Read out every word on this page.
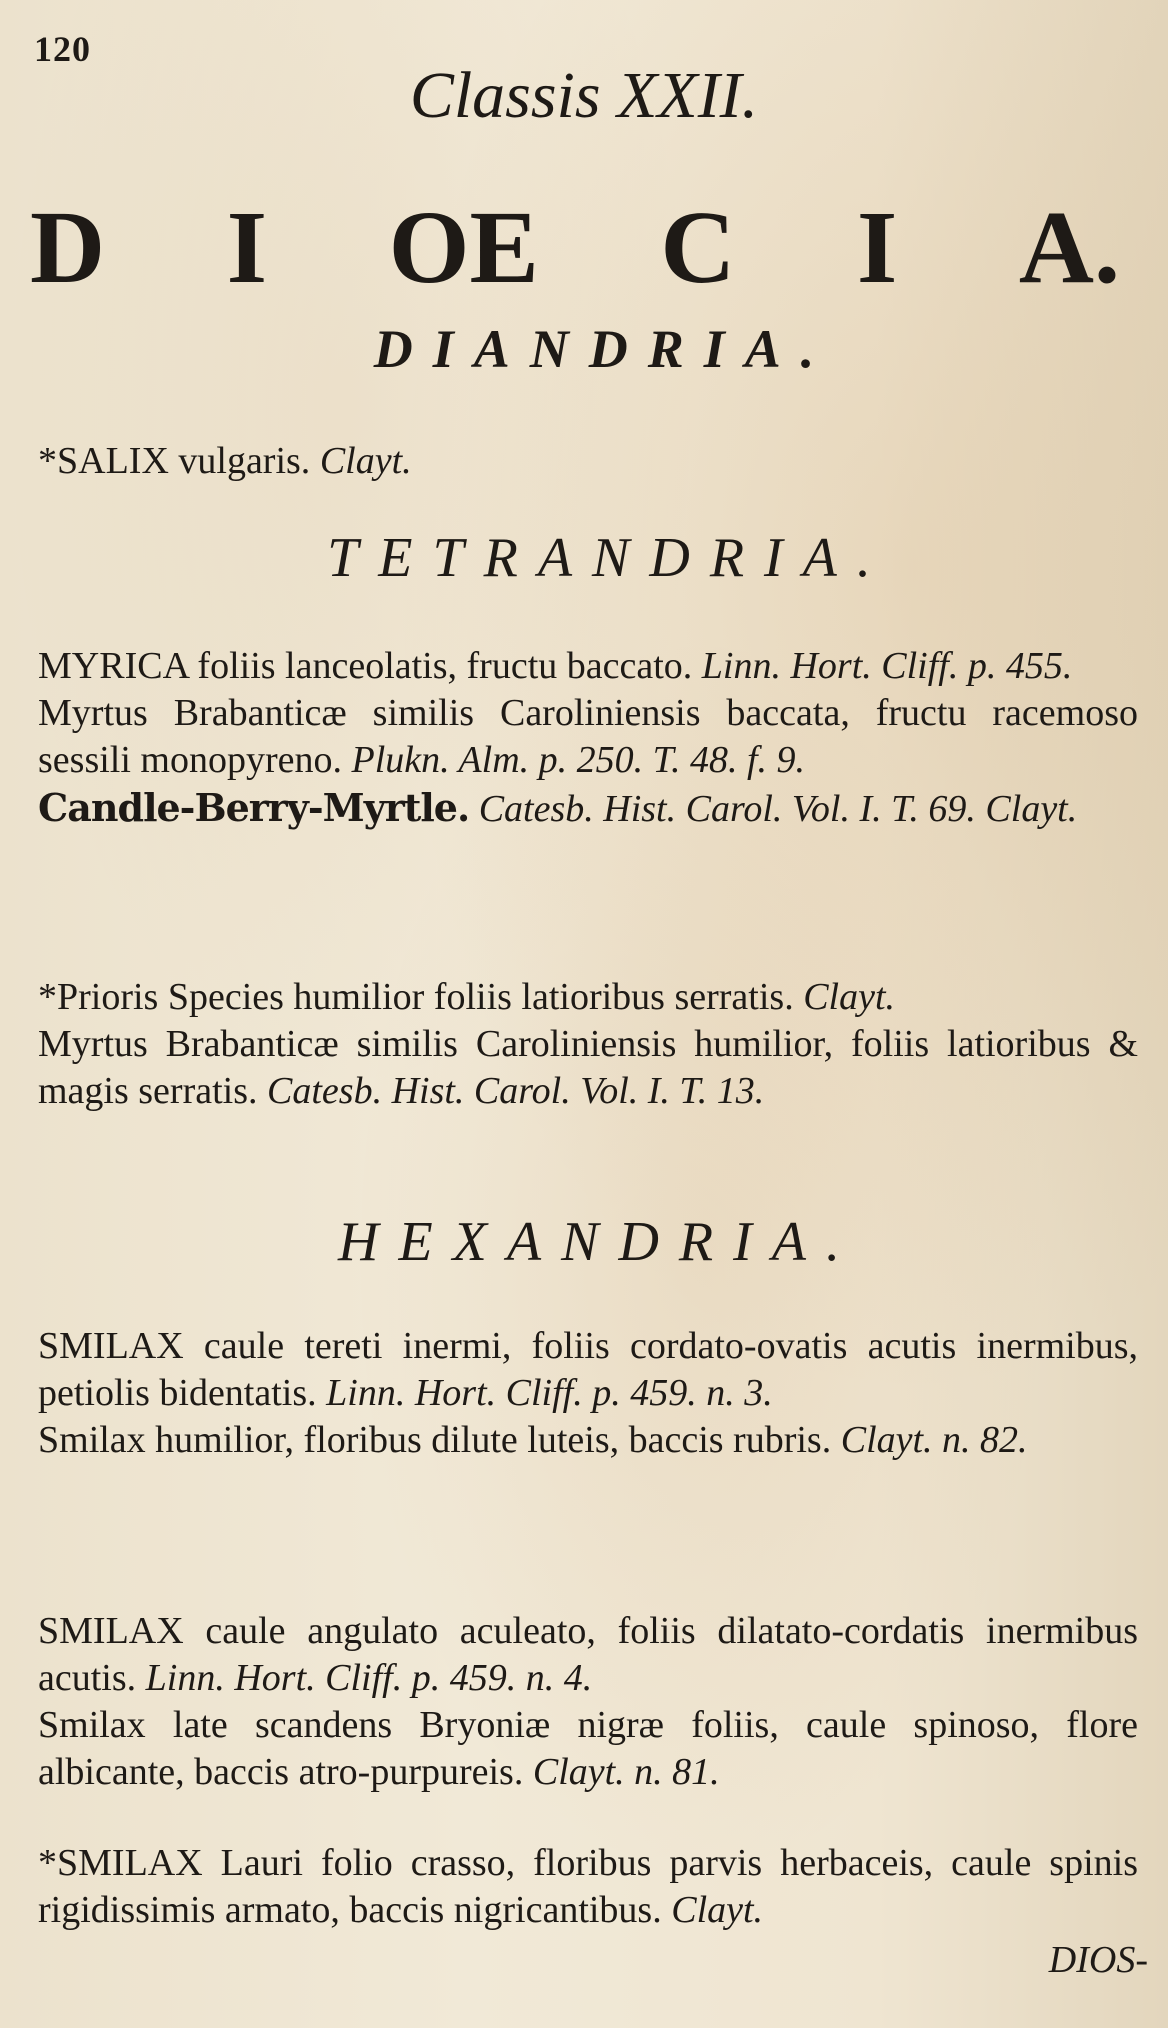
120
Classis XXII.
D I OE C I A.
DIANDRIA.

*SALIX vulgaris. Clayt.

TETRANDRIA.

MYRICA foliis lanceolatis, fructu baccato. Linn. Hort. Cliff. p. 455.

Myrtus Brabanticæ similis Caroliniensis baccata, fructu racemoso sessili monopyreno. Plukn. Alm. p. 250. T. 48. f. 9.

Candle-Berry-Myrtle. Catesb. Hist. Carol. Vol. I. T. 69. Clayt.

*Prioris Species humilior foliis latioribus serratis. Clayt.

Myrtus Brabanticæ similis Caroliniensis humilior, foliis latioribus & magis serratis. Catesb. Hist. Carol. Vol. I. T. 13.

HEXANDRIA.

SMILAX caule tereti inermi, foliis cordato-ovatis acutis inermibus, petiolis bidentatis. Linn. Hort. Cliff. p. 459. n. 3.

Smilax humilior, floribus dilute luteis, baccis rubris. Clayt. n. 82.

SMILAX caule angulato aculeato, foliis dilatato-cordatis inermibus acutis. Linn. Hort. Cliff. p. 459. n. 4.

Smilax late scandens Bryoniæ nigræ foliis, caule spinoso, flore albicante, baccis atro-purpureis. Clayt. n. 81.

*SMILAX Lauri folio crasso, floribus parvis herbaceis, caule spinis rigidissimis armato, baccis nigricantibus. Clayt.

DIOS-
